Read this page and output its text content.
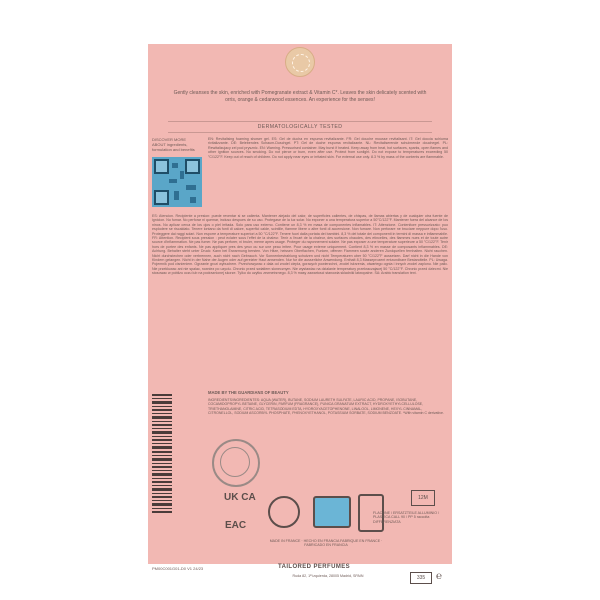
Gently cleanses the skin, enriched with Pomegranate extract & Vitamin C*. Leaves the skin delicately scented with orris, orange & cedarwood essences. An experience for the senses!
DERMATOLOGICALLY TESTED
DISCOVER MORE ABOUT ingredients, formulation and benefits
EN: Revitalising foaming shower gel. ES: Gel de ducha en espuma revitalizante. FR: Gel douche mousse revitalisant. IT: Gel doccia schiuma rivitalizzante. DE: Belebendes Schaum-Duschgel. PT: Gel de duche espuma revitalizante. NL: Revitaliserende schuimende douchegel. PL: Rewitalizujacy zel pod prysznic. EN: Warning. Pressurised container. May burst if heated. Keep away from heat, hot surfaces, sparks, open flames and other ignition sources. No smoking. Do not pierce or burn, even after use. Protect from sunlight. Do not expose to temperatures exceeding 50 °C/122°F. Keep out of reach of children. Do not apply near eyes or irritated skin. For external use only. 8.3 % by mass of the contents are flammable.
ES: Atencion. Recipiente a presion: puede reventar si se calienta. Mantener alejado del calor, de superficies calientes, de chispas, de llamas abiertas y de cualquier otra fuente de ignicion. No fumar. No perforar ni quemar, incluso despues de su uso. Protegase de la luz solar. No exponer a una temperatura superior a 50°C/122°F. Mantener fuera del alcance de los ninos. No aplicar cerca de los ojos o piel irritada. Solo para uso externo. Contiene un 8,3 % en masa de componentes inflamables. IT: Attenzione. Contenitore pressurizzato: puo esplodere se riscaldato. Tenere lontano da fonti di calore, superfici calde, scintille, fiamme libere o altre fonti di accensione. Non fumare. Non perforare ne bruciare neppure dopo l'uso. Proteggere dai raggi solari. Non esporre a temperature superiori a 50 °C/122°F. Tenere fuori dalla portata dei bambini. 8,3 % del totale dei componenti in termini di massa e infiammabile. FR: Attention. Recipient sous pression : peut eclater sous l'effet de la chaleur. Tenir a l'ecart de la chaleur, des surfaces chaudes, des etincelles, des flammes nues et de toute autre source d'inflammation. Ne pas fumer. Ne pas perforer, ni bruler, meme apres usage. Proteger du rayonnement solaire. Ne pas exposer a une temperature superieure a 50 °C/122°F. Tenir hors de portee des enfants. Ne pas appliquer pres des yeux ou sur une peau irritee. Pour usage externe uniquement. Contient 8,3 % en masse de composants inflammables. DE: Achtung. Behalter steht unter Druck: Kann bei Erwarmung bersten. Von Hitze, heissen Oberflachen, Funken, offenen Flammen sowie anderen Zundquellen fernhalten. Nicht rauchen. Nicht durchstechen oder verbrennen, auch nicht nach Gebrauch. Vor Sonnenbestrahlung schutzen und nicht Temperaturen uber 50 °C/122°F aussetzen. Darf nicht in die Hande von Kindern gelangen. Nicht in der Nahe der Augen oder auf gereizter Haut anwenden. Nur fur die ausserliche Anwendung. Enthalt 8,3 Masseprozent entzundbare Bestandteile. PL: Uwaga. Pojemnik pod cisnieniem. Ogrzanie grozi wybuchem. Przechowywac z dala od zrodel ciepla, goracych powierzchni, zrodel iskrzenia, otwartego ognia i innych zrodel zaplonu. Nie palic. Nie przekluwac ani nie spalac, rowniez po uzyciu. Chronic przed swiatlem slonecznym. Nie wystawiac na dzialanie temperatury przekraczajacej 50 °C/122°F. Chronic przed dziecmi. Nie stosowac w poblizu oczu lub na podraznionej skorze. Tylko do uzytku zewnetrznego. 8,3 % masy zawartosci stanowia skladniki latwopalne. SA: Arabic translation text.
MADE BY THE GUARDIANS OF BEAUTY
INGREDIENTS/INGREDIENTES: AQUA (WATER), BUTANE, SODIUM LAURETH SULFATE, LAURIC ACID, PROPANE, ISOBUTANE, COCAMIDOPROPYL BETAINE, GLYCERIN, PARFUM (FRAGRANCE), PUNICA GRANATUM EXTRACT, HYDROXYETHYLCELLULOSE, TRIETHANOLAMINE, CITRIC ACID, TETRASODIUM EDTA, HYDROXYACETOPHENONE, LINALOOL, LIMONENE, HEXYL CINNAMAL, CITRONELLOL, SODIUM ASCORBYL PHOSPHATE, PHENOXYETHANOL, POTASSIUM SORBATE, SODIUM BENZOATE. *With vitamin C derivative.
UK CA
EAC
12M
FLACONE / ERSATZTEILE ALLUMINIO / PLASTICA CALL 90 / PP 5 raccolta DIFFERENZIATA
MADE IN FRANCE · HECHO EN FRANCIA FABRIQUE EN FRANCE · FABRICADO EN FRANCIA
TAILORED PERFUMES
Ruda 82, 1ª izquierda, 28005 Madrid, SPAIN
PM00C001G01-D0 V1 24/23
335	℮
